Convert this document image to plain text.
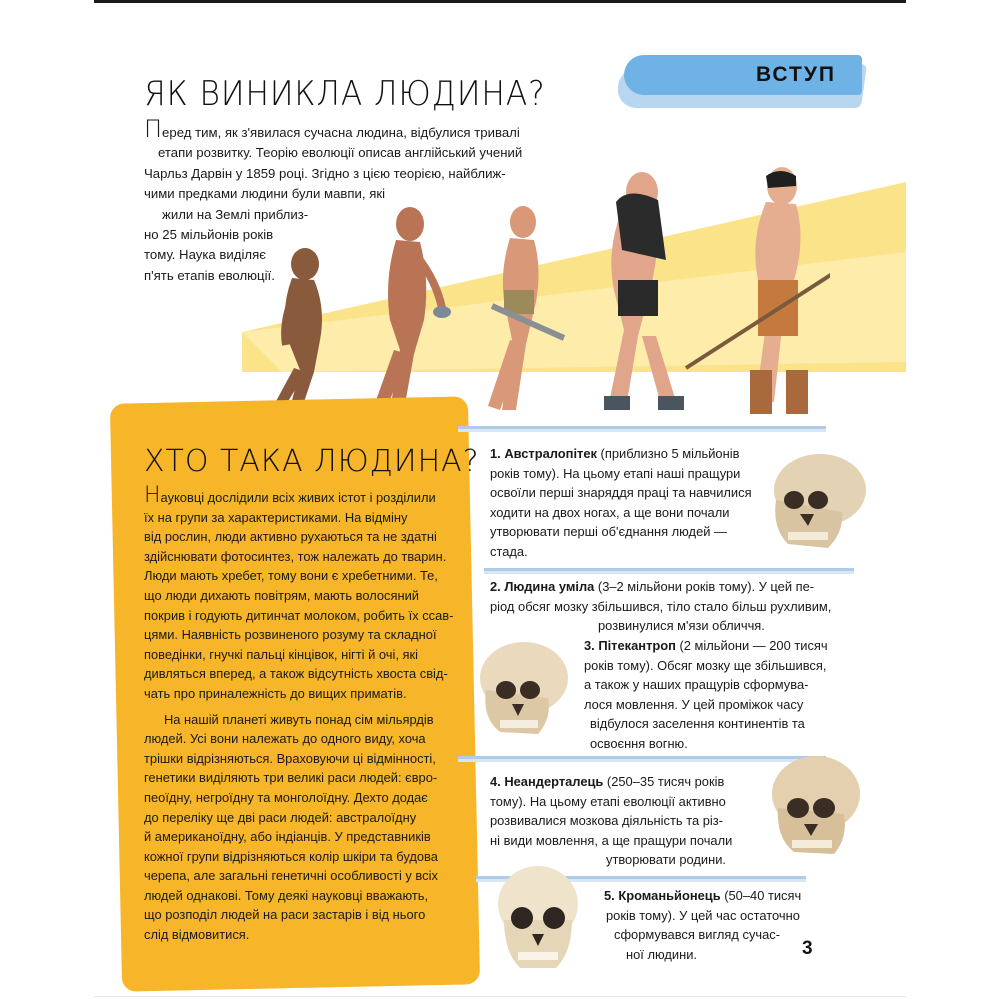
ВСТУП
ЯК ВИНИКЛА ЛЮДИНА?
Перед тим, як з'явилася сучасна людина, відбулися тривалі
етапи розвитку. Теорію еволюції описав англійський учений
Чарльз Дарвін у 1859 році. Згідно з цією теорією, найближ-
чими предками людини були мавпи, які
жили на Землі приблиз-
но 25 мільйонів років
тому. Наука виділяє
п'ять етапів еволюції.
ХТО ТАКА ЛЮДИНА?

Науковці дослідили всіх живих істот і розділили
їх на групи за характеристиками. На відміну
від рослин, люди активно рухаються та не здатні
здійснювати фотосинтез, тож належать до тварин.
Люди мають хребет, тому вони є хребетними. Те,
що люди дихають повітрям, мають волосяний
покрив і годують дитинчат молоком, робить їх ссав-
цями. Наявність розвиненого розуму та складної
поведінки, гнучкі пальці кінцівок, нігті й очі, які
дивляться вперед, а також відсутність хвоста свід-
чать про приналежність до вищих приматів.

На нашій планеті живуть понад сім мільярдів
людей. Усі вони належать до одного виду, хоча
трішки відрізняються. Враховуючи ці відмінності,
генетики виділяють три великі раси людей: євро-
пеоїдну, негроїдну та монголоїдну. Дехто додає
до переліку ще дві раси людей: австралоїдну
й американоїдну, або індіанців. У представників
кожної групи відрізняються колір шкіри та будова
черепа, але загальні генетичні особливості у всіх
людей однакові. Тому деякі науковці вважають,
що розподіл людей на раси застарів і від нього
слід відмовитися.

1. Австралопітек (приблизно 5 мільйонів
років тому). На цьому етапі наші пращури
освоїли перші знаряддя праці та навчилися
ходити на двох ногах, а ще вони почали
утворювати перші об'єднання людей —
стада.
2. Людина уміла (3–2 мільйони років тому). У цей пе-
ріод обсяг мозку збільшився, тіло стало більш рухливим,
розвинулися м'язи обличчя.
3. Пітекантроп (2 мільйони — 200 тисяч
років тому). Обсяг мозку ще збільшився,
а також у наших пращурів сформува-
лося мовлення. У цей проміжок часу
відбулося заселення континентів та
освоєння вогню.
4. Неандерталець (250–35 тисяч років
тому). На цьому етапі еволюції активно
розвивалися мозкова діяльність та різ-
ні види мовлення, а ще пращури почали
утворювати родини.
5. Кроманьйонець (50–40 тисяч
років тому). У цей час остаточно
сформувався вигляд сучас-
ної людини.	3
